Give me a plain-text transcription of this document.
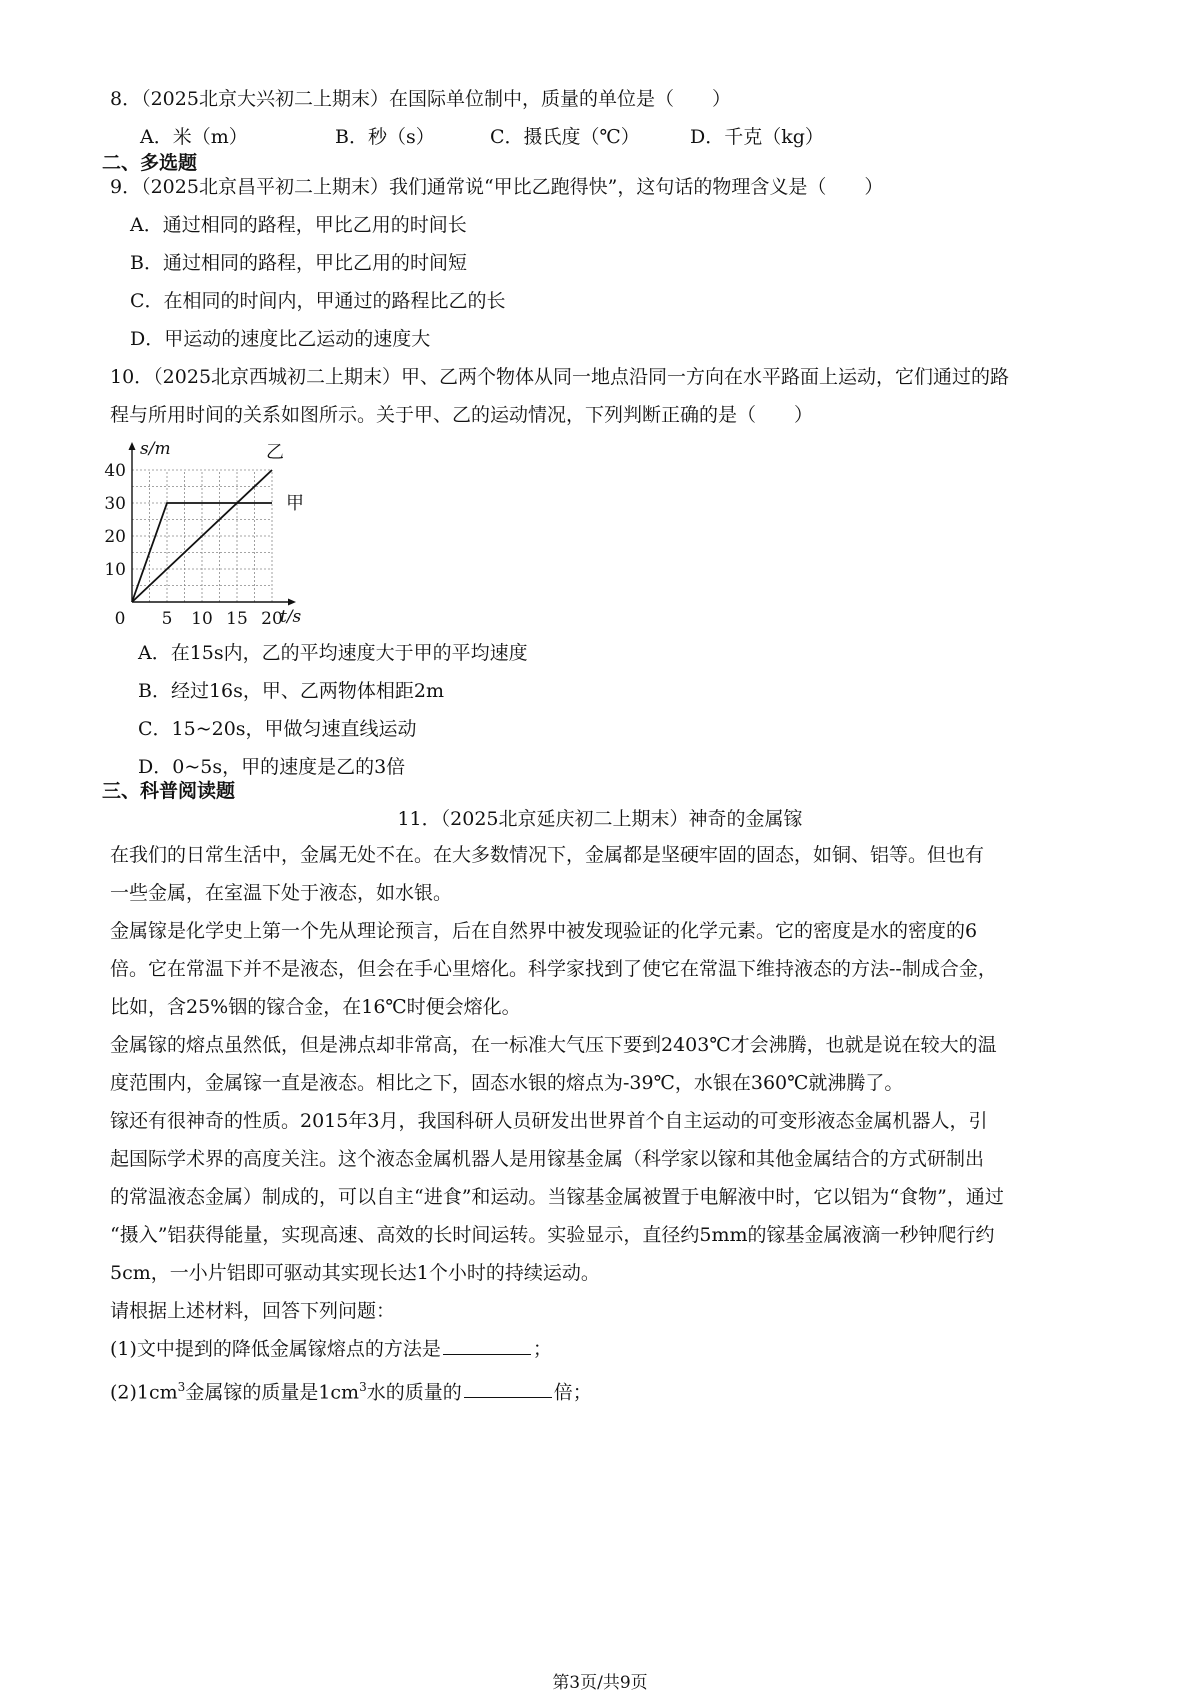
8．（2025北京大兴初二上期末）在国际单位制中，质量的单位是（　　）
A．米（m）	B．秒（s）	C．摄氏度（℃）	D．千克（kg）
二、多选题
9．（2025北京昌平初二上期末）我们通常说“甲比乙跑得快”，这句话的物理含义是（　　）
A．通过相同的路程，甲比乙用的时间长
B．通过相同的路程，甲比乙用的时间短
C．在相同的时间内，甲通过的路程比乙的长
D．甲运动的速度比乙运动的速度大
10．（2025北京西城初二上期末）甲、乙两个物体从同一地点沿同一方向在水平路面上运动，它们通过的路
程与所用时间的关系如图所示。关于甲、乙的运动情况，下列判断正确的是（　　）
0 5 10 15 20
10
20
30
40
t/s
s/m
甲
乙
A．在15s内，乙的平均速度大于甲的平均速度
B．经过16s，甲、乙两物体相距2m
C．15~20s，甲做匀速直线运动
D．0~5s，甲的速度是乙的3倍
三、科普阅读题
11．（2025北京延庆初二上期末）神奇的金属镓
在我们的日常生活中，金属无处不在。在大多数情况下，金属都是坚硬牢固的固态，如铜、铝等。但也有
一些金属，在室温下处于液态，如水银。
金属镓是化学史上第一个先从理论预言，后在自然界中被发现验证的化学元素。它的密度是水的密度的6
倍。它在常温下并不是液态，但会在手心里熔化。科学家找到了使它在常温下维持液态的方法--制成合金，
比如，含25%铟的镓合金，在16℃时便会熔化。
金属镓的熔点虽然低，但是沸点却非常高，在一标准大气压下要到2403℃才会沸腾，也就是说在较大的温
度范围内，金属镓一直是液态。相比之下，固态水银的熔点为-39℃，水银在360℃就沸腾了。
镓还有很神奇的性质。2015年3月，我国科研人员研发出世界首个自主运动的可变形液态金属机器人，引
起国际学术界的高度关注。这个液态金属机器人是用镓基金属（科学家以镓和其他金属结合的方式研制出
的常温液态金属）制成的，可以自主“进食”和运动。当镓基金属被置于电解液中时，它以铝为“食物”，通过
“摄入”铝获得能量，实现高速、高效的长时间运转。实验显示，直径约5mm的镓基金属液滴一秒钟爬行约
5cm，一小片铝即可驱动其实现长达1个小时的持续运动。
请根据上述材料，回答下列问题：
(1)文中提到的降低金属镓熔点的方法是	；
$(2)1cm^3$金属镓的质量是$1cm^3$水的质量的	倍；
第3页/共9页
